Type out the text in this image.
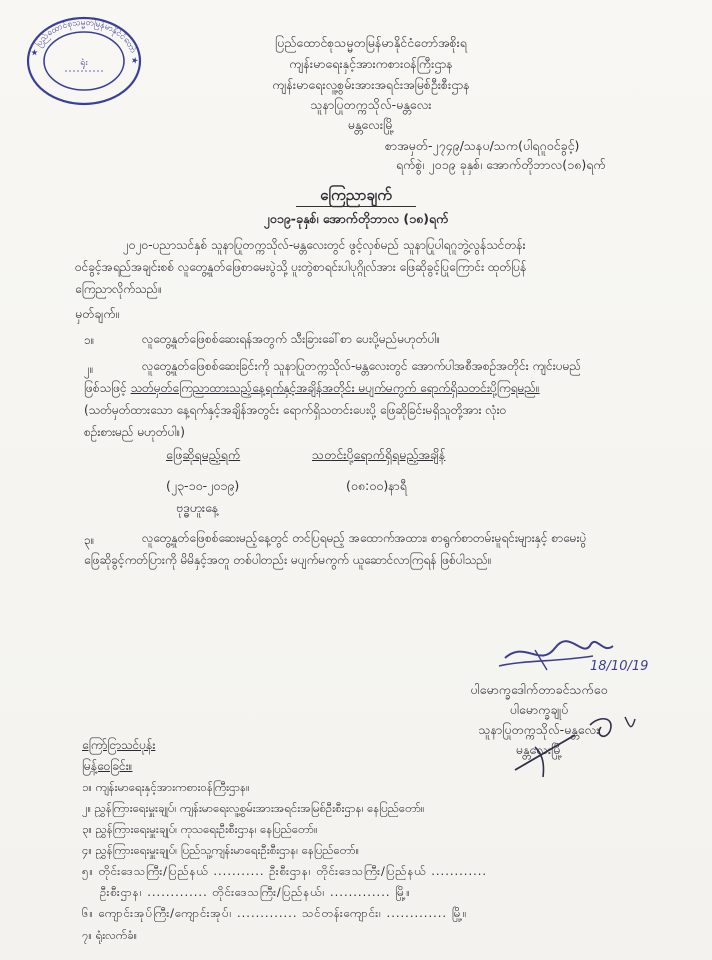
★ ပြည်ထောင်စုသမ္မတမြန်မာနိုင်ငံတော် ★
ရုံး
ပြည်ထောင်စုသမ္မတမြန်မာနိုင်ငံတော်အစိုးရ
ကျန်းမာရေးနှင့်အားကစားဝန်ကြီးဌာန
ကျန်းမာရေးလူ့စွမ်းအားအရင်းအမြစ်ဦးစီးဌာန
သူနာပြုတက္ကသိုလ်-မန္တလေး
မန္တလေးမြို့
စာအမှတ်-၂၇၄၉/သနပ/သက(ပါရဂူဝင်ခွင့်)
ရက်စွဲ၊ ၂၀၁၉ ခုနှစ်၊ အောက်တိုဘာလ(၁၈)ရက်
ကြေညာချက်
၂၀၁၉-ခုနှစ်၊ အောက်တိုဘာလ (၁၈)ရက်
၂၀၂၀-ပညာသင်နှစ် သူနာပြုတက္ကသိုလ်-မန္တလေးတွင် ဖွင့်လှစ်မည် သူနာပြုပါရဂူဘွဲ့လွန်သင်တန်း
ဝင်ခွင့်အရည်အချင်းစစ် လူတွေ့နှုတ်ဖြေစာမေးပွဲသို့ ပူးတွဲစာရင်းပါပုဂ္ဂိုလ်အား ဖြေဆိုခွင့်ပြုကြောင်း ထုတ်ပြန်
ကြေညာလိုက်သည်။
မှတ်ချက်။
၁။	လူတွေ့နှုတ်ဖြေစစ်ဆေးရန်အတွက် သီးခြားခေါ်စာ ပေးပို့မည်မဟုတ်ပါ။
၂။	လူတွေ့နှုတ်ဖြေစစ်ဆေးခြင်းကို သူနာပြုတက္ကသိုလ်-မန္တလေးတွင် အောက်ပါအစီအစဉ်အတိုင်း ကျင်းပမည်
ဖြစ်သဖြင့် သတ်မှတ်ကြေညာထားသည့်နေ့ရက်နှင့်အချိန်အတိုင်း မပျက်မကွက် ရောက်ရှိသတင်းပို့ကြရမည်။
(သတ်မှတ်ထားသော နေ့ရက်နှင့်အချိန်အတွင်း ရောက်ရှိသတင်းပေးပို့ ဖြေဆိုခြင်းမရှိသူတို့အား လုံးဝ
စဉ်းစားမည် မဟုတ်ပါ။)
ဖြေဆိုရမည့်ရက်	သတင်းပို့ရောက်ရှိရမည့်အချိန်
(၂၃-၁၀-၂၀၁၉)	(၀၈:၀၀)နာရီ
ဗုဒ္ဓဟူးနေ့
၃။	လူတွေ့နှုတ်ဖြေစစ်ဆေးမည့်နေ့တွင် တင်ပြရမည့် အထောက်အထား၊ စာရွက်စာတမ်းမူရင်းများနှင့် စာမေးပွဲ
ဖြေဆိုခွင့်ကတ်ပြားကို မိမိနှင့်အတူ တစ်ပါတည်း မပျက်မကွက် ယူဆောင်လာကြရန် ဖြစ်ပါသည်။
18/10/19
ပါမောက္ခဒေါက်တာခင်သက်ဝေ
ပါမောက္ခချုပ်
သူနာပြုတက္ကသိုလ်-မန္တလေး
မန္တလေးမြို့
ကြော်ငြာသင်ပုန်း
မြန့်ဝေခြင်း။
၁။ ကျန်းမာရေးနှင့်အားကစားဝန်ကြီးဌာန။
၂။ ညွှန်ကြားရေးမှူးချုပ်၊ ကျန်းမာရေးလူ့စွမ်းအားအရင်းအမြစ်ဦးစီးဌာန၊ နေပြည်တော်။
၃။ ညွှန်ကြားရေးမှူးချုပ်၊ ကုသရေးဦးစီးဌာန၊ နေပြည်တော်။
၄။ ညွှန်ကြားရေးမှူးချုပ်၊ ပြည်သူ့ကျန်းမာရေးဦးစီးဌာန၊ နေပြည်တော်။
၅။ တိုင်းဒေသကြီး/ပြည်နယ် ........... ဦးစီးဌာန၊ တိုင်းဒေသကြီး/ပြည်နယ် ............
ဦးစီးဌာန၊ ............. တိုင်းဒေသကြီး/ပြည်နယ်၊ ............. မြို့။
၆။ ကျောင်းအုပ်ကြီး/ကျောင်းအုပ်၊ ............. သင်တန်းကျောင်း၊ ............. မြို့။
၇။ ရုံးလက်ခံ။
